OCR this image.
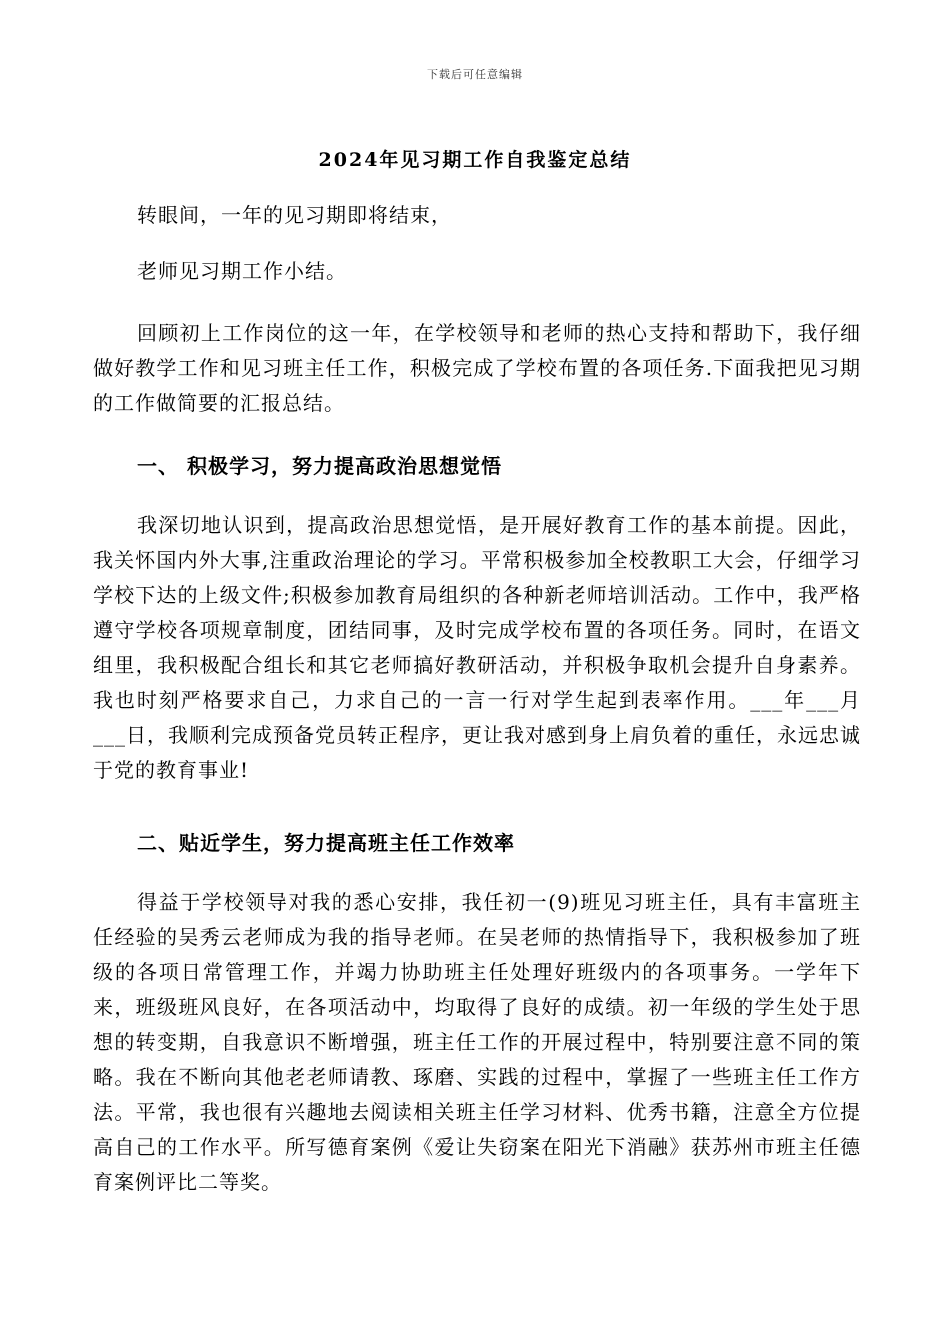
下载后可任意编辑
2024年见习期工作自我鉴定总结

转眼间，一年的见习期即将结束，

老师见习期工作小结。

回顾初上工作岗位的这一年，在学校领导和老师的热心支持和帮助下，我仔细做好教学工作和见习班主任工作，积极完成了学校布置的各项任务.下面我把见习期的工作做简要的汇报总结。

一、 积极学习，努力提高政治思想觉悟

我深切地认识到，提高政治思想觉悟，是开展好教育工作的基本前提。因此，我关怀国内外大事,注重政治理论的学习。平常积极参加全校教职工大会，仔细学习学校下达的上级文件;积极参加教育局组织的各种新老师培训活动。工作中，我严格遵守学校各项规章制度，团结同事，及时完成学校布置的各项任务。同时，在语文组里，我积极配合组长和其它老师搞好教研活动，并积极争取机会提升自身素养。我也时刻严格要求自己，力求自己的一言一行对学生起到表率作用。___年___月___日，我顺利完成预备党员转正程序，更让我对感到身上肩负着的重任，永远忠诚于党的教育事业!

二、贴近学生，努力提高班主任工作效率

得益于学校领导对我的悉心安排，我任初一(9)班见习班主任，具有丰富班主任经验的吴秀云老师成为我的指导老师。在吴老师的热情指导下，我积极参加了班级的各项日常管理工作，并竭力协助班主任处理好班级内的各项事务。一学年下来，班级班风良好，在各项活动中，均取得了良好的成绩。初一年级的学生处于思想的转变期，自我意识不断增强，班主任工作的开展过程中，特别要注意不同的策略。我在不断向其他老老师请教、琢磨、实践的过程中，掌握了一些班主任工作方法。平常，我也很有兴趣地去阅读相关班主任学习材料、优秀书籍，注意全方位提高自己的工作水平。所写德育案例《爱让失窃案在阳光下消融》获苏州市班主任德育案例评比二等奖。
